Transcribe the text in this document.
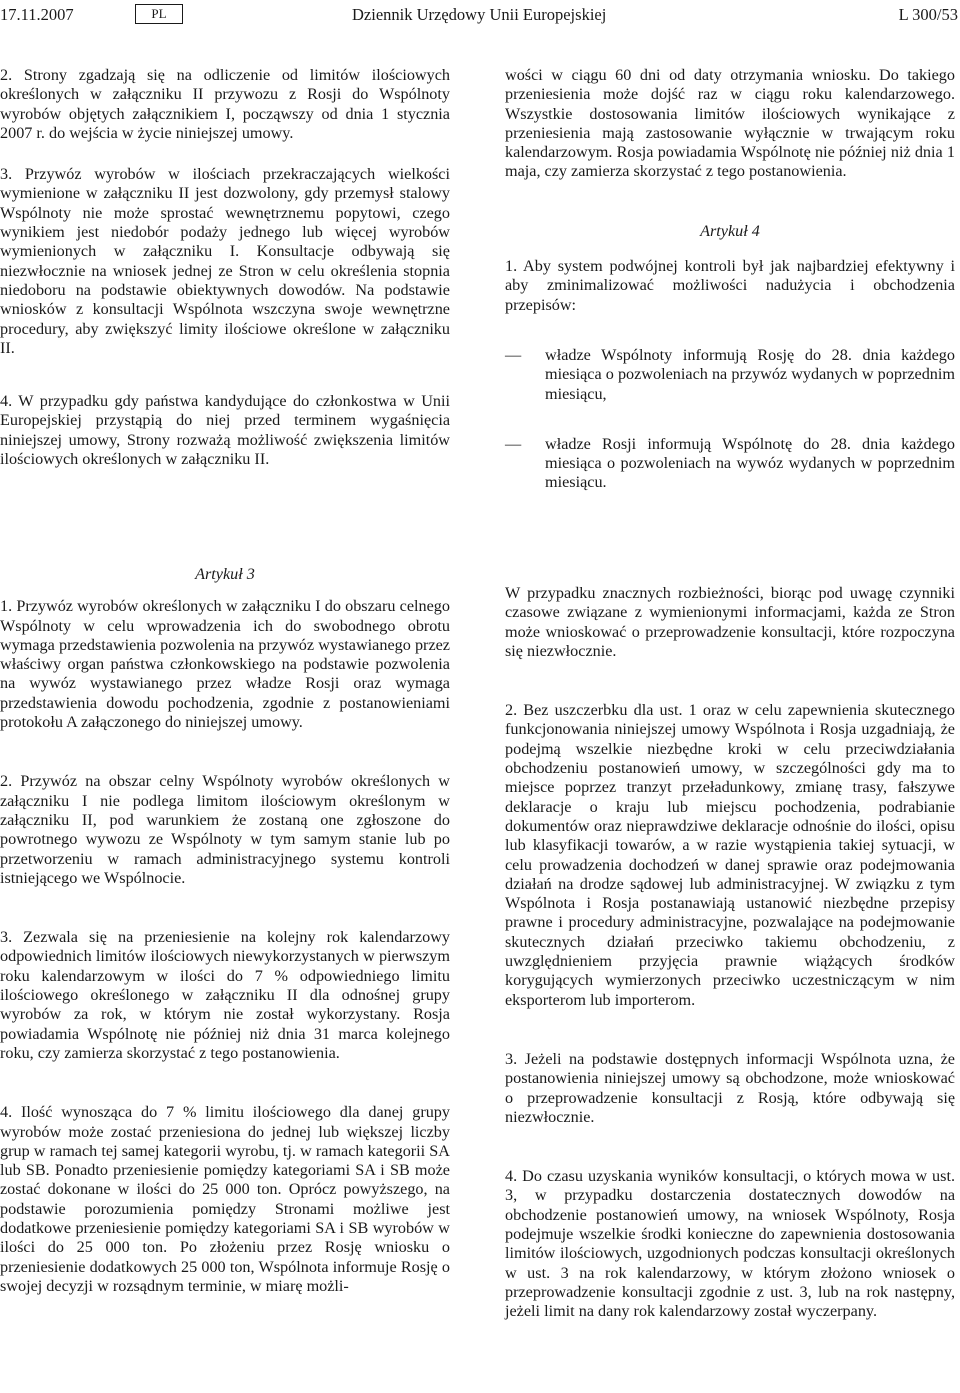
17.11.2007	PL	Dziennik Urzędowy Unii Europejskiej	L 300/53

2. Strony zgadzają się na odliczenie od limitów ilościowych określonych w załączniku II przywozu z Rosji do Wspólnoty wyrobów objętych załącznikiem I, począwszy od dnia 1 stycznia 2007 r. do wejścia w życie niniejszej umowy.

3. Przywóz wyrobów w ilościach przekraczających wielkości wymienione w załączniku II jest dozwolony, gdy przemysł stalowy Wspólnoty nie może sprostać wewnętrznemu popytowi, czego wynikiem jest niedobór podaży jednego lub więcej wyrobów wymienionych w załączniku I. Konsultacje odbywają się niezwłocznie na wniosek jednej ze Stron w celu określenia stopnia niedoboru na podstawie obiektywnych dowodów. Na podstawie wniosków z konsultacji Wspólnota wszczyna swoje wewnętrzne procedury, aby zwiększyć limity ilościowe określone w załączniku II.

4. W przypadku gdy państwa kandydujące do członkostwa w Unii Europejskiej przystąpią do niej przed terminem wygaśnięcia niniejszej umowy, Strony rozważą możliwość zwiększenia limitów ilościowych określonych w załączniku II.

wości w ciągu 60 dni od daty otrzymania wniosku. Do takiego przeniesienia może dojść raz w ciągu roku kalendarzowego. Wszystkie dostosowania limitów ilościowych wynikające z przeniesienia mają zastosowanie wyłącznie w trwającym roku kalendarzowym. Rosja powiadamia Wspólnotę nie później niż dnia 1 maja, czy zamierza skorzystać z tego postanowienia.

Artykuł 4

1. Aby system podwójnej kontroli był jak najbardziej efektywny i aby zminimalizować możliwości nadużycia i obchodzenia przepisów:

— władze Wspólnoty informują Rosję do 28. dnia każdego miesiąca o pozwoleniach na przywóz wydanych w poprzednim miesiącu,
— władze Rosji informują Wspólnotę do 28. dnia każdego miesiąca o pozwoleniach na wywóz wydanych w poprzednim miesiącu.

Artykuł 3

1. Przywóz wyrobów określonych w załączniku I do obszaru celnego Wspólnoty w celu wprowadzenia ich do swobodnego obrotu wymaga przedstawienia pozwolenia na przywóz wystawianego przez właściwy organ państwa członkowskiego na podstawie pozwolenia na wywóz wystawianego przez władze Rosji oraz wymaga przedstawienia dowodu pochodzenia, zgodnie z postanowieniami protokołu A załączonego do niniejszej umowy.

2. Przywóz na obszar celny Wspólnoty wyrobów określonych w załączniku I nie podlega limitom ilościowym określonym w załączniku II, pod warunkiem że zostaną one zgłoszone do powrotnego wywozu ze Wspólnoty w tym samym stanie lub po przetworzeniu w ramach administracyjnego systemu kontroli istniejącego we Wspólnocie.

3. Zezwala się na przeniesienie na kolejny rok kalendarzowy odpowiednich limitów ilościowych niewykorzystanych w pierwszym roku kalendarzowym w ilości do 7 % odpowiedniego limitu ilościowego określonego w załączniku II dla odnośnej grupy wyrobów za rok, w którym nie został wykorzystany. Rosja powiadamia Wspólnotę nie później niż dnia 31 marca kolejnego roku, czy zamierza skorzystać z tego postanowienia.

4. Ilość wynosząca do 7 % limitu ilościowego dla danej grupy wyrobów może zostać przeniesiona do jednej lub większej liczby grup w ramach tej samej kategorii wyrobu, tj. w ramach kategorii SA lub SB. Ponadto przeniesienie pomiędzy kategoriami SA i SB może zostać dokonane w ilości do 25 000 ton. Oprócz powyższego, na podstawie porozumienia pomiędzy Stronami możliwe jest dodatkowe przeniesienie pomiędzy kategoriami SA i SB wyrobów w ilości do 25 000 ton. Po złożeniu przez Rosję wniosku o przeniesienie dodatkowych 25 000 ton, Wspólnota informuje Rosję o swojej decyzji w rozsądnym terminie, w miarę możli-

W przypadku znacznych rozbieżności, biorąc pod uwagę czynniki czasowe związane z wymienionymi informacjami, każda ze Stron może wnioskować o przeprowadzenie konsultacji, które rozpoczyna się niezwłocznie.

2. Bez uszczerbku dla ust. 1 oraz w celu zapewnienia skutecznego funkcjonowania niniejszej umowy Wspólnota i Rosja uzgadniają, że podejmą wszelkie niezbędne kroki w celu przeciwdziałania obchodzeniu postanowień umowy, w szczególności gdy ma to miejsce poprzez tranzyt przeładunkowy, zmianę trasy, fałszywe deklaracje o kraju lub miejscu pochodzenia, podrabianie dokumentów oraz nieprawdziwe deklaracje odnośnie do ilości, opisu lub klasyfikacji towarów, a w razie wystąpienia takiej sytuacji, w celu prowadzenia dochodzeń w danej sprawie oraz podejmowania działań na drodze sądowej lub administracyjnej. W związku z tym Wspólnota i Rosja postanawiają ustanowić niezbędne przepisy prawne i procedury administracyjne, pozwalające na podejmowanie skutecznych działań przeciwko takiemu obchodzeniu, z uwzględnieniem przyjęcia prawnie wiążących środków korygujących wymierzonych przeciwko uczestniczącym w nim eksporterom lub importerom.

3. Jeżeli na podstawie dostępnych informacji Wspólnota uzna, że postanowienia niniejszej umowy są obchodzone, może wnioskować o przeprowadzenie konsultacji z Rosją, które odbywają się niezwłocznie.

4. Do czasu uzyskania wyników konsultacji, o których mowa w ust. 3, w przypadku dostarczenia dostatecznych dowodów na obchodzenie postanowień umowy, na wniosek Wspólnoty, Rosja podejmuje wszelkie środki konieczne do zapewnienia dostosowania limitów ilościowych, uzgodnionych podczas konsultacji określonych w ust. 3 na rok kalendarzowy, w którym złożono wniosek o przeprowadzenie konsultacji zgodnie z ust. 3, lub na rok następny, jeżeli limit na dany rok kalendarzowy został wyczerpany.
